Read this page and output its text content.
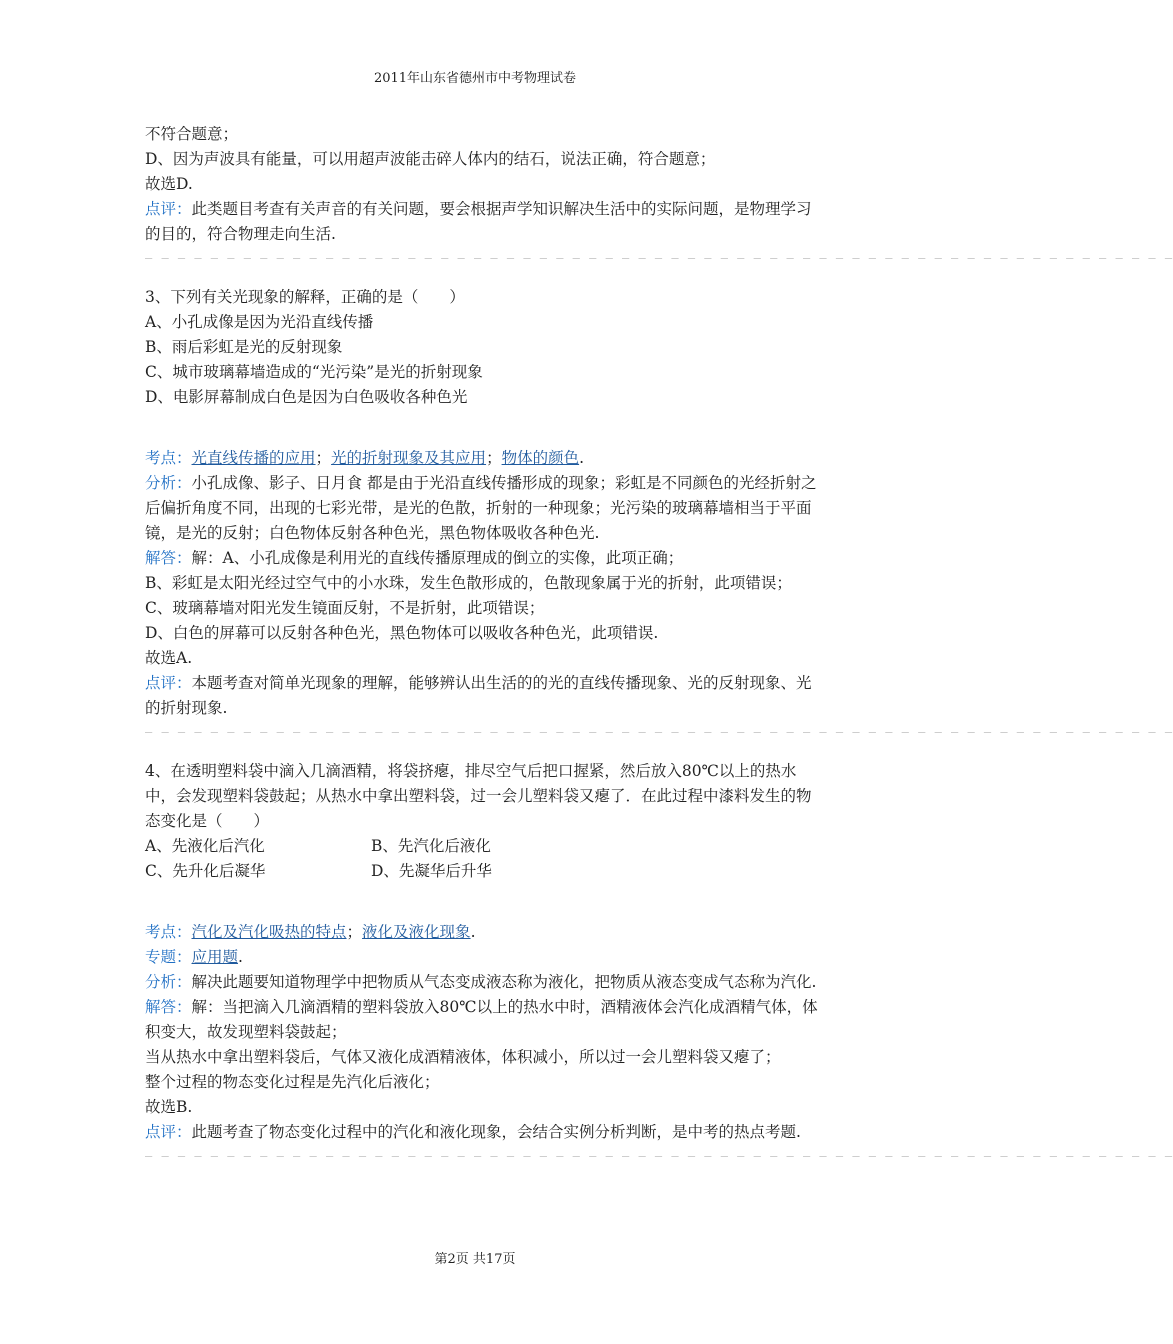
2011年山东省德州市中考物理试卷
不符合题意；
D、因为声波具有能量，可以用超声波能击碎人体内的结石，说法正确，符合题意；
故选D.
点评：此类题目考查有关声音的有关问题，要会根据声学知识解决生活中的实际问题，是物理学习的目的，符合物理走向生活.
— — — — — — — — — — — — — — — — — — — — — — — — — — — — — — — — — — — — — — — — — — — — — — — — — — — — — — — — — — — — — — —
3、下列有关光现象的解释，正确的是（　　）
A、小孔成像是因为光沿直线传播
B、雨后彩虹是光的反射现象
C、城市玻璃幕墙造成的“光污染”是光的折射现象
D、电影屏幕制成白色是因为白色吸收各种色光
考点：光直线传播的应用；光的折射现象及其应用；物体的颜色.
分析：小孔成像、影子、日月食 都是由于光沿直线传播形成的现象；彩虹是不同颜色的光经折射之后偏折角度不同，出现的七彩光带，是光的色散，折射的一种现象；光污染的玻璃幕墙相当于平面镜，是光的反射；白色物体反射各种色光，黑色物体吸收各种色光.
解答：解：A、小孔成像是利用光的直线传播原理成的倒立的实像，此项正确；
B、彩虹是太阳光经过空气中的小水珠，发生色散形成的，色散现象属于光的折射，此项错误；
C、玻璃幕墙对阳光发生镜面反射，不是折射，此项错误；
D、白色的屏幕可以反射各种色光，黑色物体可以吸收各种色光，此项错误.
故选A.
点评：本题考查对简单光现象的理解，能够辨认出生活的的光的直线传播现象、光的反射现象、光的折射现象.
— — — — — — — — — — — — — — — — — — — — — — — — — — — — — — — — — — — — — — — — — — — — — — — — — — — — — — — — — — — — — — —
4、在透明塑料袋中滴入几滴酒精，将袋挤瘪，排尽空气后把口握紧，然后放入80℃以上的热水中，会发现塑料袋鼓起；从热水中拿出塑料袋，过一会儿塑料袋又瘪了．在此过程中漆料发生的物态变化是（　　）
A、先液化后汽化	B、先汽化后液化
C、先升化后凝华	D、先凝华后升华
考点：汽化及汽化吸热的特点；液化及液化现象.
专题：应用题.
分析：解决此题要知道物理学中把物质从气态变成液态称为液化，把物质从液态变成气态称为汽化.
解答：解：当把滴入几滴酒精的塑料袋放入80℃以上的热水中时，酒精液体会汽化成酒精气体，体积变大，故发现塑料袋鼓起；
当从热水中拿出塑料袋后，气体又液化成酒精液体，体积减小，所以过一会儿塑料袋又瘪了；
整个过程的物态变化过程是先汽化后液化；
故选B.
点评：此题考查了物态变化过程中的汽化和液化现象，会结合实例分析判断，是中考的热点考题.
— — — — — — — — — — — — — — — — — — — — — — — — — — — — — — — — — — — — — — — — — — — — — — — — — — — — — — — — — — — — — — —
第2页 共17页
